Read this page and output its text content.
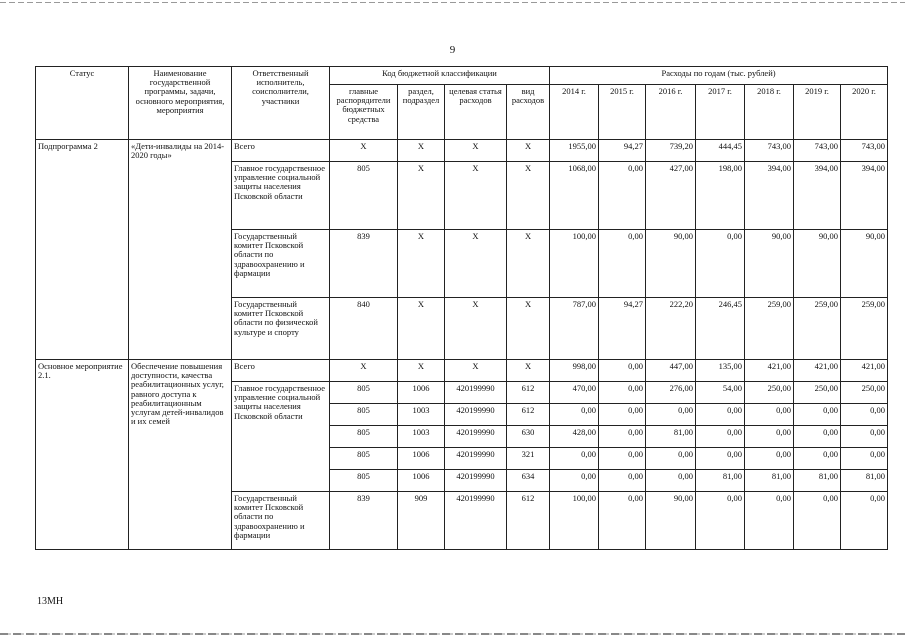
9
Статус	Наименование государственной программы, задачи, основного мероприятия, мероприятия	Ответственный исполнитель, соисполнители, участники	Код бюджетной классификации				Расходы по годам (тыс. рублей)						
			главные распорядители бюджетных средства	раздел, подраздел	целевая статья расходов	вид расходов	2014 г.	2015 г.	2016 г.	2017 г.	2018 г.	2019 г.	2020 г.
Подпрограмма 2	«Дети-инвалиды на 2014-2020 годы»	Всего	Х	Х	Х	Х	1955,00	94,27	739,20	444,45	743,00	743,00	743,00
		Главное государственное управление социальной защиты населения Псковской области	805	Х	Х	Х	1068,00	0,00	427,00	198,00	394,00	394,00	394,00
		Государственный комитет Псковской области по здравоохранению и фармации	839	Х	Х	Х	100,00	0,00	90,00	0,00	90,00	90,00	90,00
		Государственный комитет Псковской области по физической культуре и спорту	840	Х	Х	Х	787,00	94,27	222,20	246,45	259,00	259,00	259,00
Основное мероприятие 2.1.	Обеспечение повышения доступности, качества реабилитационных услуг, равного доступа к реабилитационным услугам детей-инвалидов и их семей	Всего	Х	Х	Х	Х	998,00	0,00	447,00	135,00	421,00	421,00	421,00
		Главное государственное управление социальной защиты населения Псковской области	805	1006	420199990	612	470,00	0,00	276,00	54,00	250,00	250,00	250,00
			805	1003	420199990	612	0,00	0,00	0,00	0,00	0,00	0,00	0,00
			805	1003	420199990	630	428,00	0,00	81,00	0,00	0,00	0,00	0,00
			805	1006	420199990	321	0,00	0,00	0,00	0,00	0,00	0,00	0,00
			805	1006	420199990	634	0,00	0,00	0,00	81,00	81,00	81,00	81,00
		Государственный комитет Псковской области по здравоохранению и фармации	839	909	420199990	612	100,00	0,00	90,00	0,00	0,00	0,00	0,00
13МН
